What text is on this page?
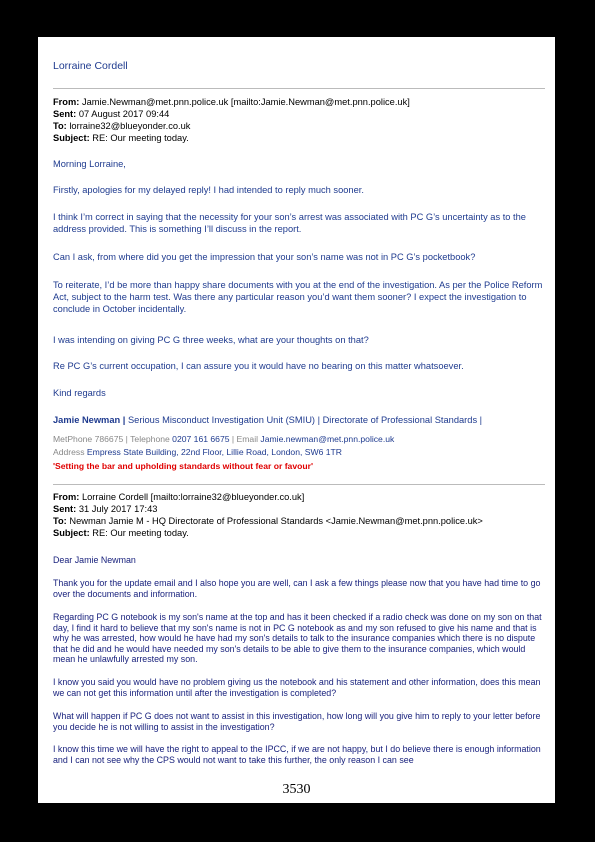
Lorraine Cordell
From: Jamie.Newman@met.pnn.police.uk [mailto:Jamie.Newman@met.pnn.police.uk]
Sent: 07 August 2017 09:44
To: lorraine32@blueyonder.co.uk
Subject: RE: Our meeting today.
Morning Lorraine,
Firstly, apologies for my delayed reply! I had intended to reply much sooner.
I think I’m correct in saying that the necessity for your son’s arrest was associated with PC G’s uncertainty as to the address provided. This is something I’ll discuss in the report.
Can I ask, from where did you get the impression that your son’s name was not in PC G’s pocketbook?
To reiterate, I’d be more than happy share documents with you at the end of the investigation. As per the Police Reform Act, subject to the harm test. Was there any particular reason you’d want them sooner? I expect the investigation to conclude in October incidentally.
I was intending on giving PC G three weeks, what are your thoughts on that?
Re PC G’s current occupation, I can assure you it would have no bearing on this matter whatsoever.
Kind regards
Jamie Newman | Serious Misconduct Investigation Unit (SMIU) | Directorate of Professional Standards |
MetPhone 786675 | Telephone 0207 161 6675 | Email Jamie.newman@met.pnn.police.uk
Address Empress State Building, 22nd Floor, Lillie Road, London, SW6 1TR
'Setting the bar and upholding standards without fear or favour'
From: Lorraine Cordell [mailto:lorraine32@blueyonder.co.uk]
Sent: 31 July 2017 17:43
To: Newman Jamie M - HQ Directorate of Professional Standards <Jamie.Newman@met.pnn.police.uk>
Subject: RE: Our meeting today.
Dear Jamie Newman
Thank you for the update email and I also hope you are well, can I ask a few things please now that you have had time to go over the documents and information.
Regarding PC G notebook is my son's name at the top and has it been checked if a radio check was done on my son on that day, I find it hard to believe that my son's name is not in PC G notebook as and my son refused to give his name and that is why he was arrested, how would he have had my son's details to talk to the insurance companies which there is no dispute that he did and he would have needed my son's details to be able to give them to the insurance companies, which would mean he unlawfully arrested my son.
I know you said you would have no problem giving us the notebook and his statement and other information, does this mean we can not get this information until after the investigation is completed?
What will happen if PC G does not want to assist in this investigation, how long will you give him to reply to your letter before you decide he is not willing to assist in the investigation?
I know this time we will have the right to appeal to the IPCC, if we are not happy, but I do believe there is enough information and I can not see why the CPS would not want to take this further, the only reason I can see
3530
